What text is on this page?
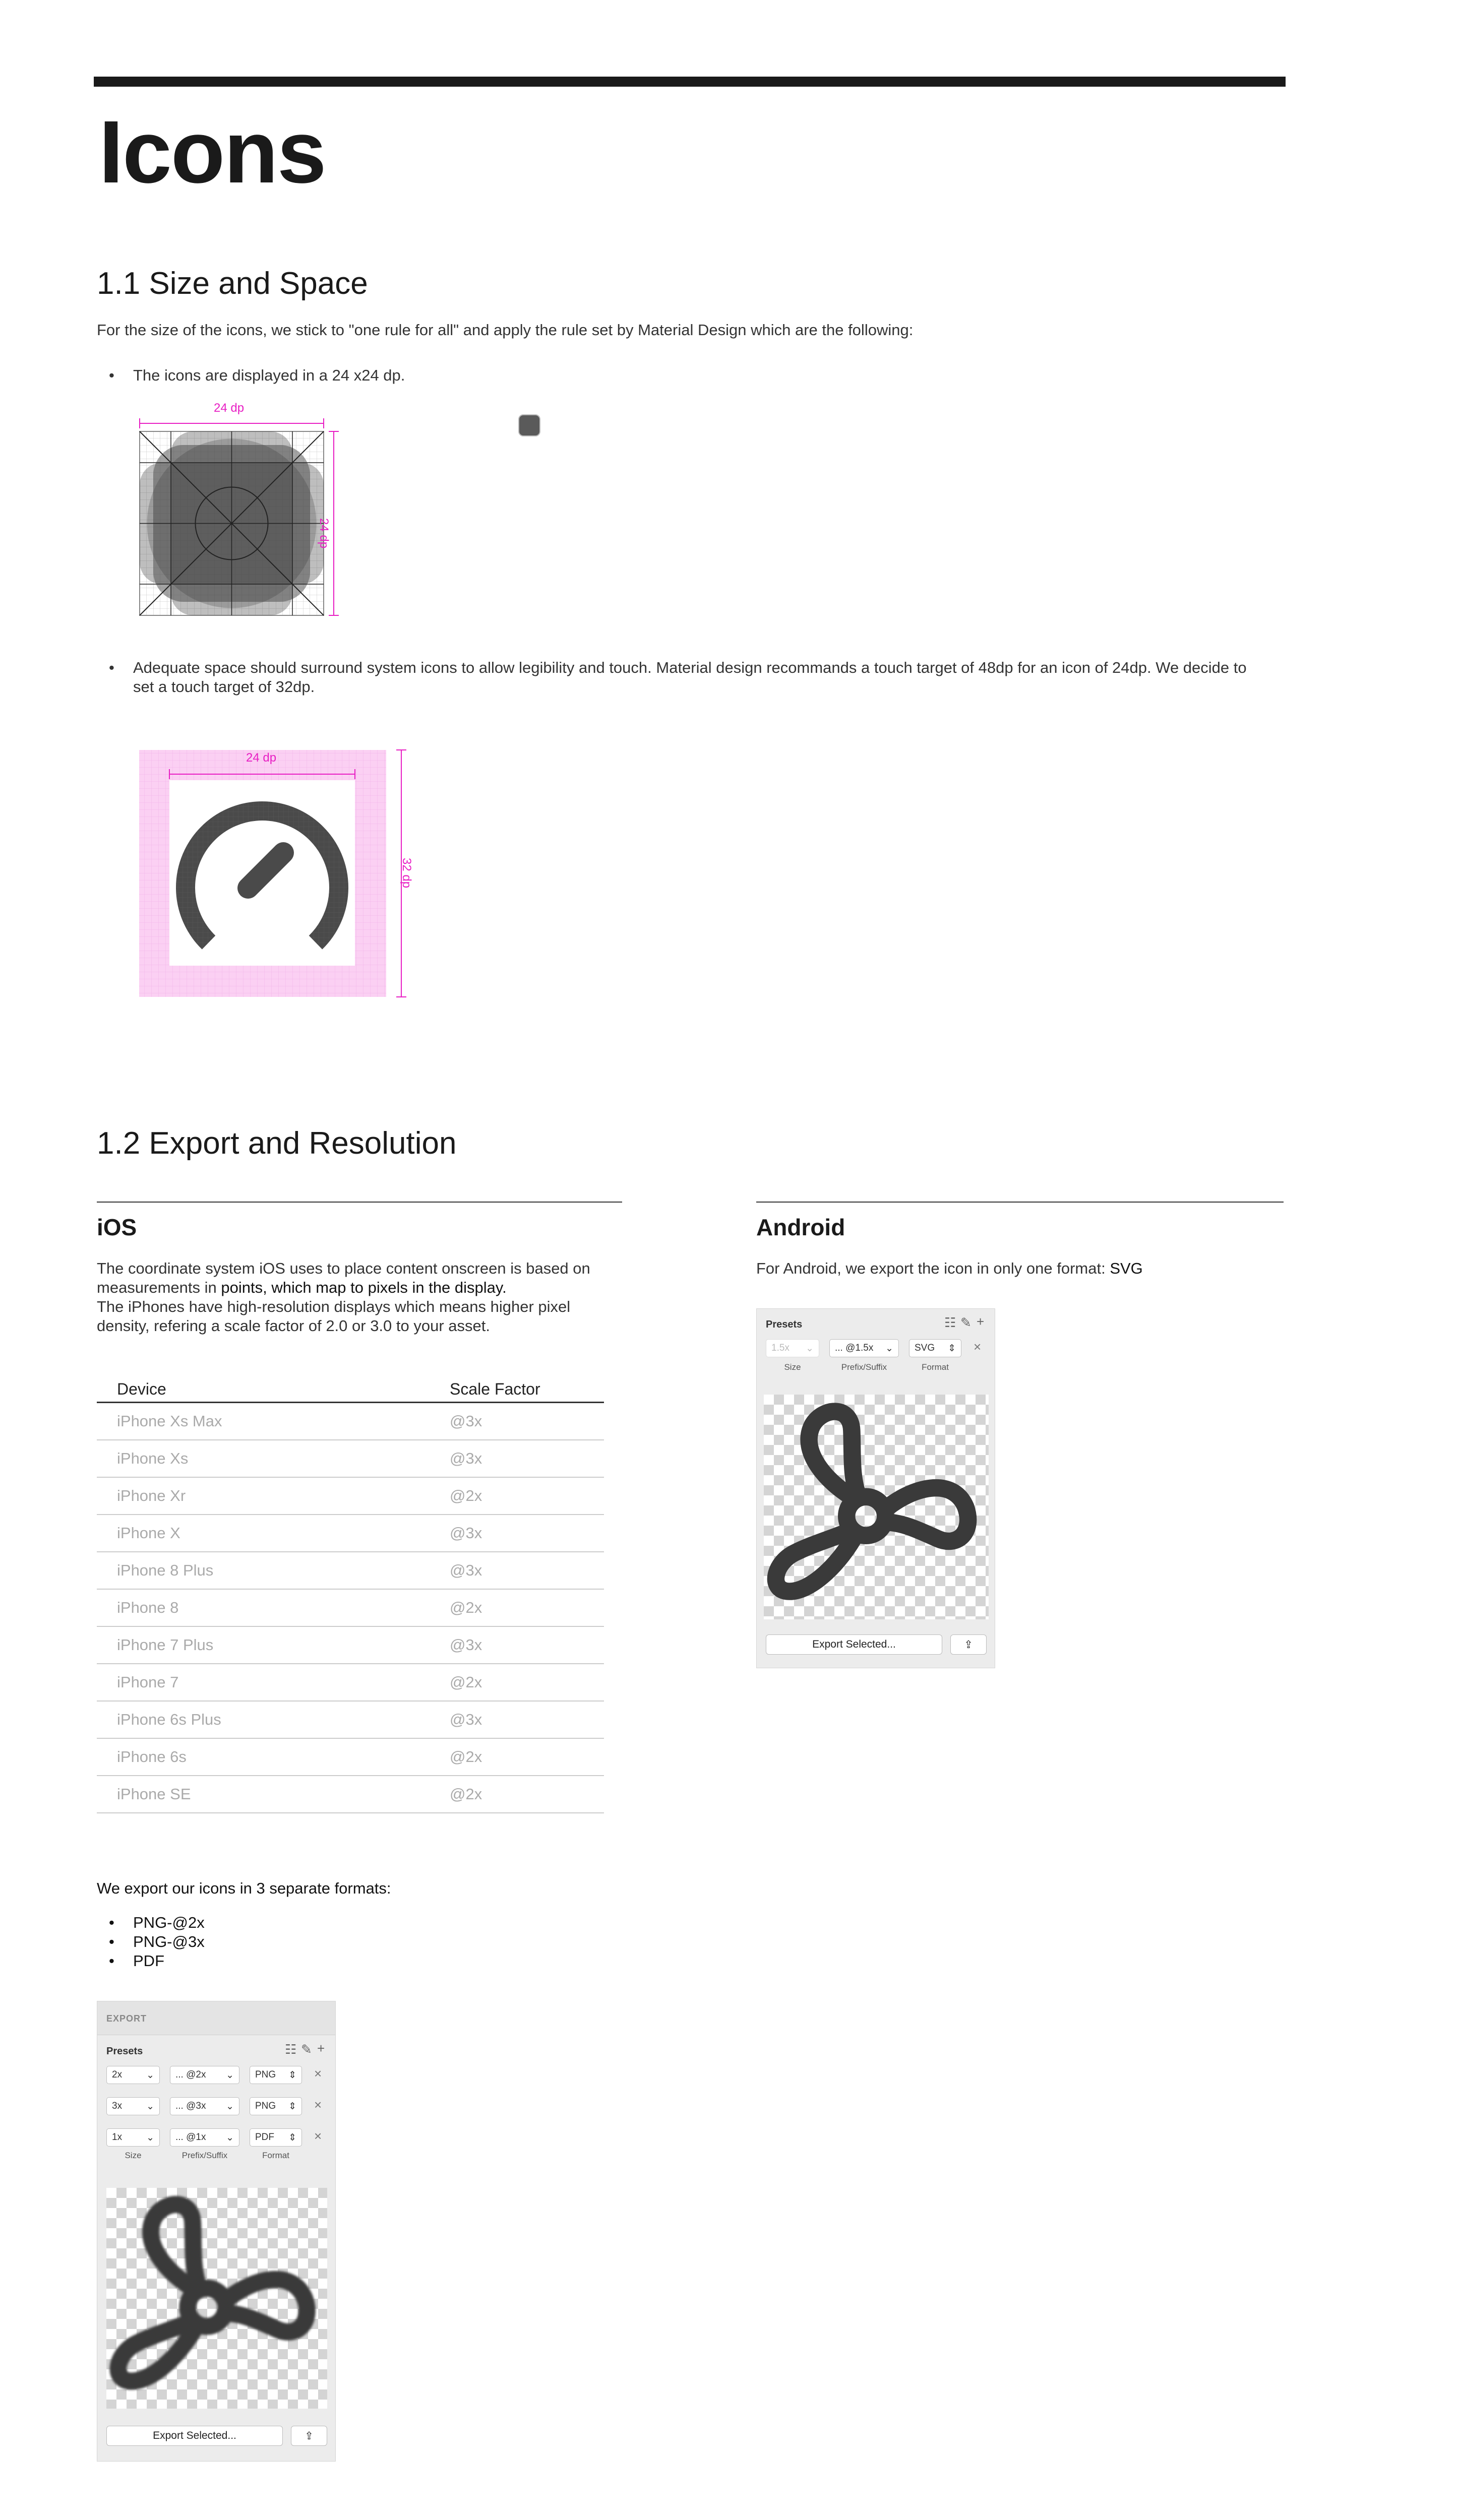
Icons
1.1 Size and Space
For the size of the icons, we stick to "one rule for all" and apply the rule set by Material Design which are the following:
• The icons are displayed in a 24 x24 dp.
24 dp
24 dp
• Adequate space should surround system icons to allow legibility and touch. Material design recommands a touch target of 48dp for an icon of 24dp. We decide to set a touch target of 32dp.
24 dp
32 dp
1.2 Export and Resolution
iOS
The coordinate system iOS uses to place content onscreen is based on measurements in points, which map to pixels in the display.
The iPhones have high-resolution displays which means higher pixel density, refering a scale factor of 2.0 or 3.0 to your asset.
Device	Scale Factor
iPhone Xs Max	@3x
iPhone Xs	@3x
iPhone Xr	@2x
iPhone X	@3x
iPhone 8 Plus	@3x
iPhone 8	@2x
iPhone 7 Plus	@3x
iPhone 7	@2x
iPhone 6s Plus	@3x
iPhone 6s	@2x
iPhone SE	@2x
We export our icons in 3 separate formats:
• PNG-@2x
• PNG-@3x
• PDF
EXPORT
Presets	☷ ✎ +
2x	⌄ ... @2x ⌄ PNG ⇕ ×
3x	⌄ ... @3x ⌄ PNG ⇕ ×
1x	⌄ ... @1x ⌄ PDF ⇕ ×
Size	Prefix/Suffix	Format
Export Selected...	⇪
Android
For Android, we export the icon in only one format: SVG
Presets	☷ ✎ +
1.5x ⌄ ... @1.5x ⌄ SVG ⇕ ×
Size	Prefix/Suffix	Format
Export Selected...	⇪
